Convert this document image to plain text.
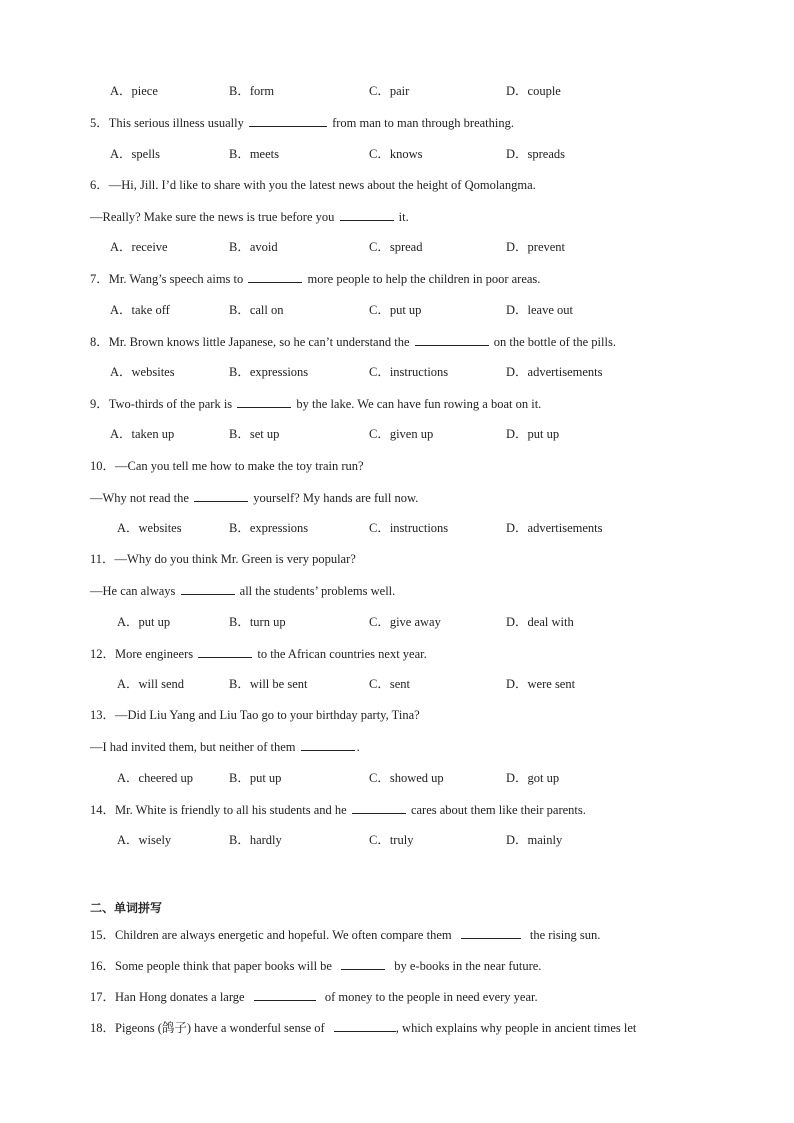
A．piece	B．form	C．pair	D．couple
5．This serious illness usually	from man to man through breathing.
A．spells	B．meets	C．knows	D．spreads
6．—Hi, Jill. I’d like to share with you the latest news about the height of Qomolangma.
—Really? Make sure the news is true before you	it.
A．receive	B．avoid	C．spread	D．prevent
7．Mr. Wang’s speech aims to	more people to help the children in poor areas.
A．take off	B．call on	C．put up	D．leave out
8．Mr. Brown knows little Japanese, so he can’t understand the	on the bottle of the pills.
A．websites	B．expressions	C．instructions	D．advertisements
9．Two-thirds of the park is	by the lake. We can have fun rowing a boat on it.
A．taken up	B．set up	C．given up	D．put up
10．—Can you tell me how to make the toy train run?
—Why not read the	yourself? My hands are full now.
A．websites	B．expressions	C．instructions	D．advertisements
11．—Why do you think Mr. Green is very popular?
—He can always	all the students’ problems well.
A．put up	B．turn up	C．give away	D．deal with
12．More engineers	to the African countries next year.
A．will send	B．will be sent	C．sent	D．were sent
13．—Did Liu Yang and Liu Tao go to your birthday party, Tina?
—I had invited them, but neither of them	.
A．cheered up	B．put up	C．showed up	D．got up
14．Mr. White is friendly to all his students and he	cares about them like their parents.
A．wisely	B．hardly	C．truly	D．mainly
二、单词拼写
15．Children are always energetic and hopeful. We often compare them	the rising sun.
16．Some people think that paper books will be	by e-books in the near future.
17．Han Hong donates a large	of money to the people in need every year.
18．Pigeons (鸽子) have a wonderful sense of	, which explains why people in ancient times let
